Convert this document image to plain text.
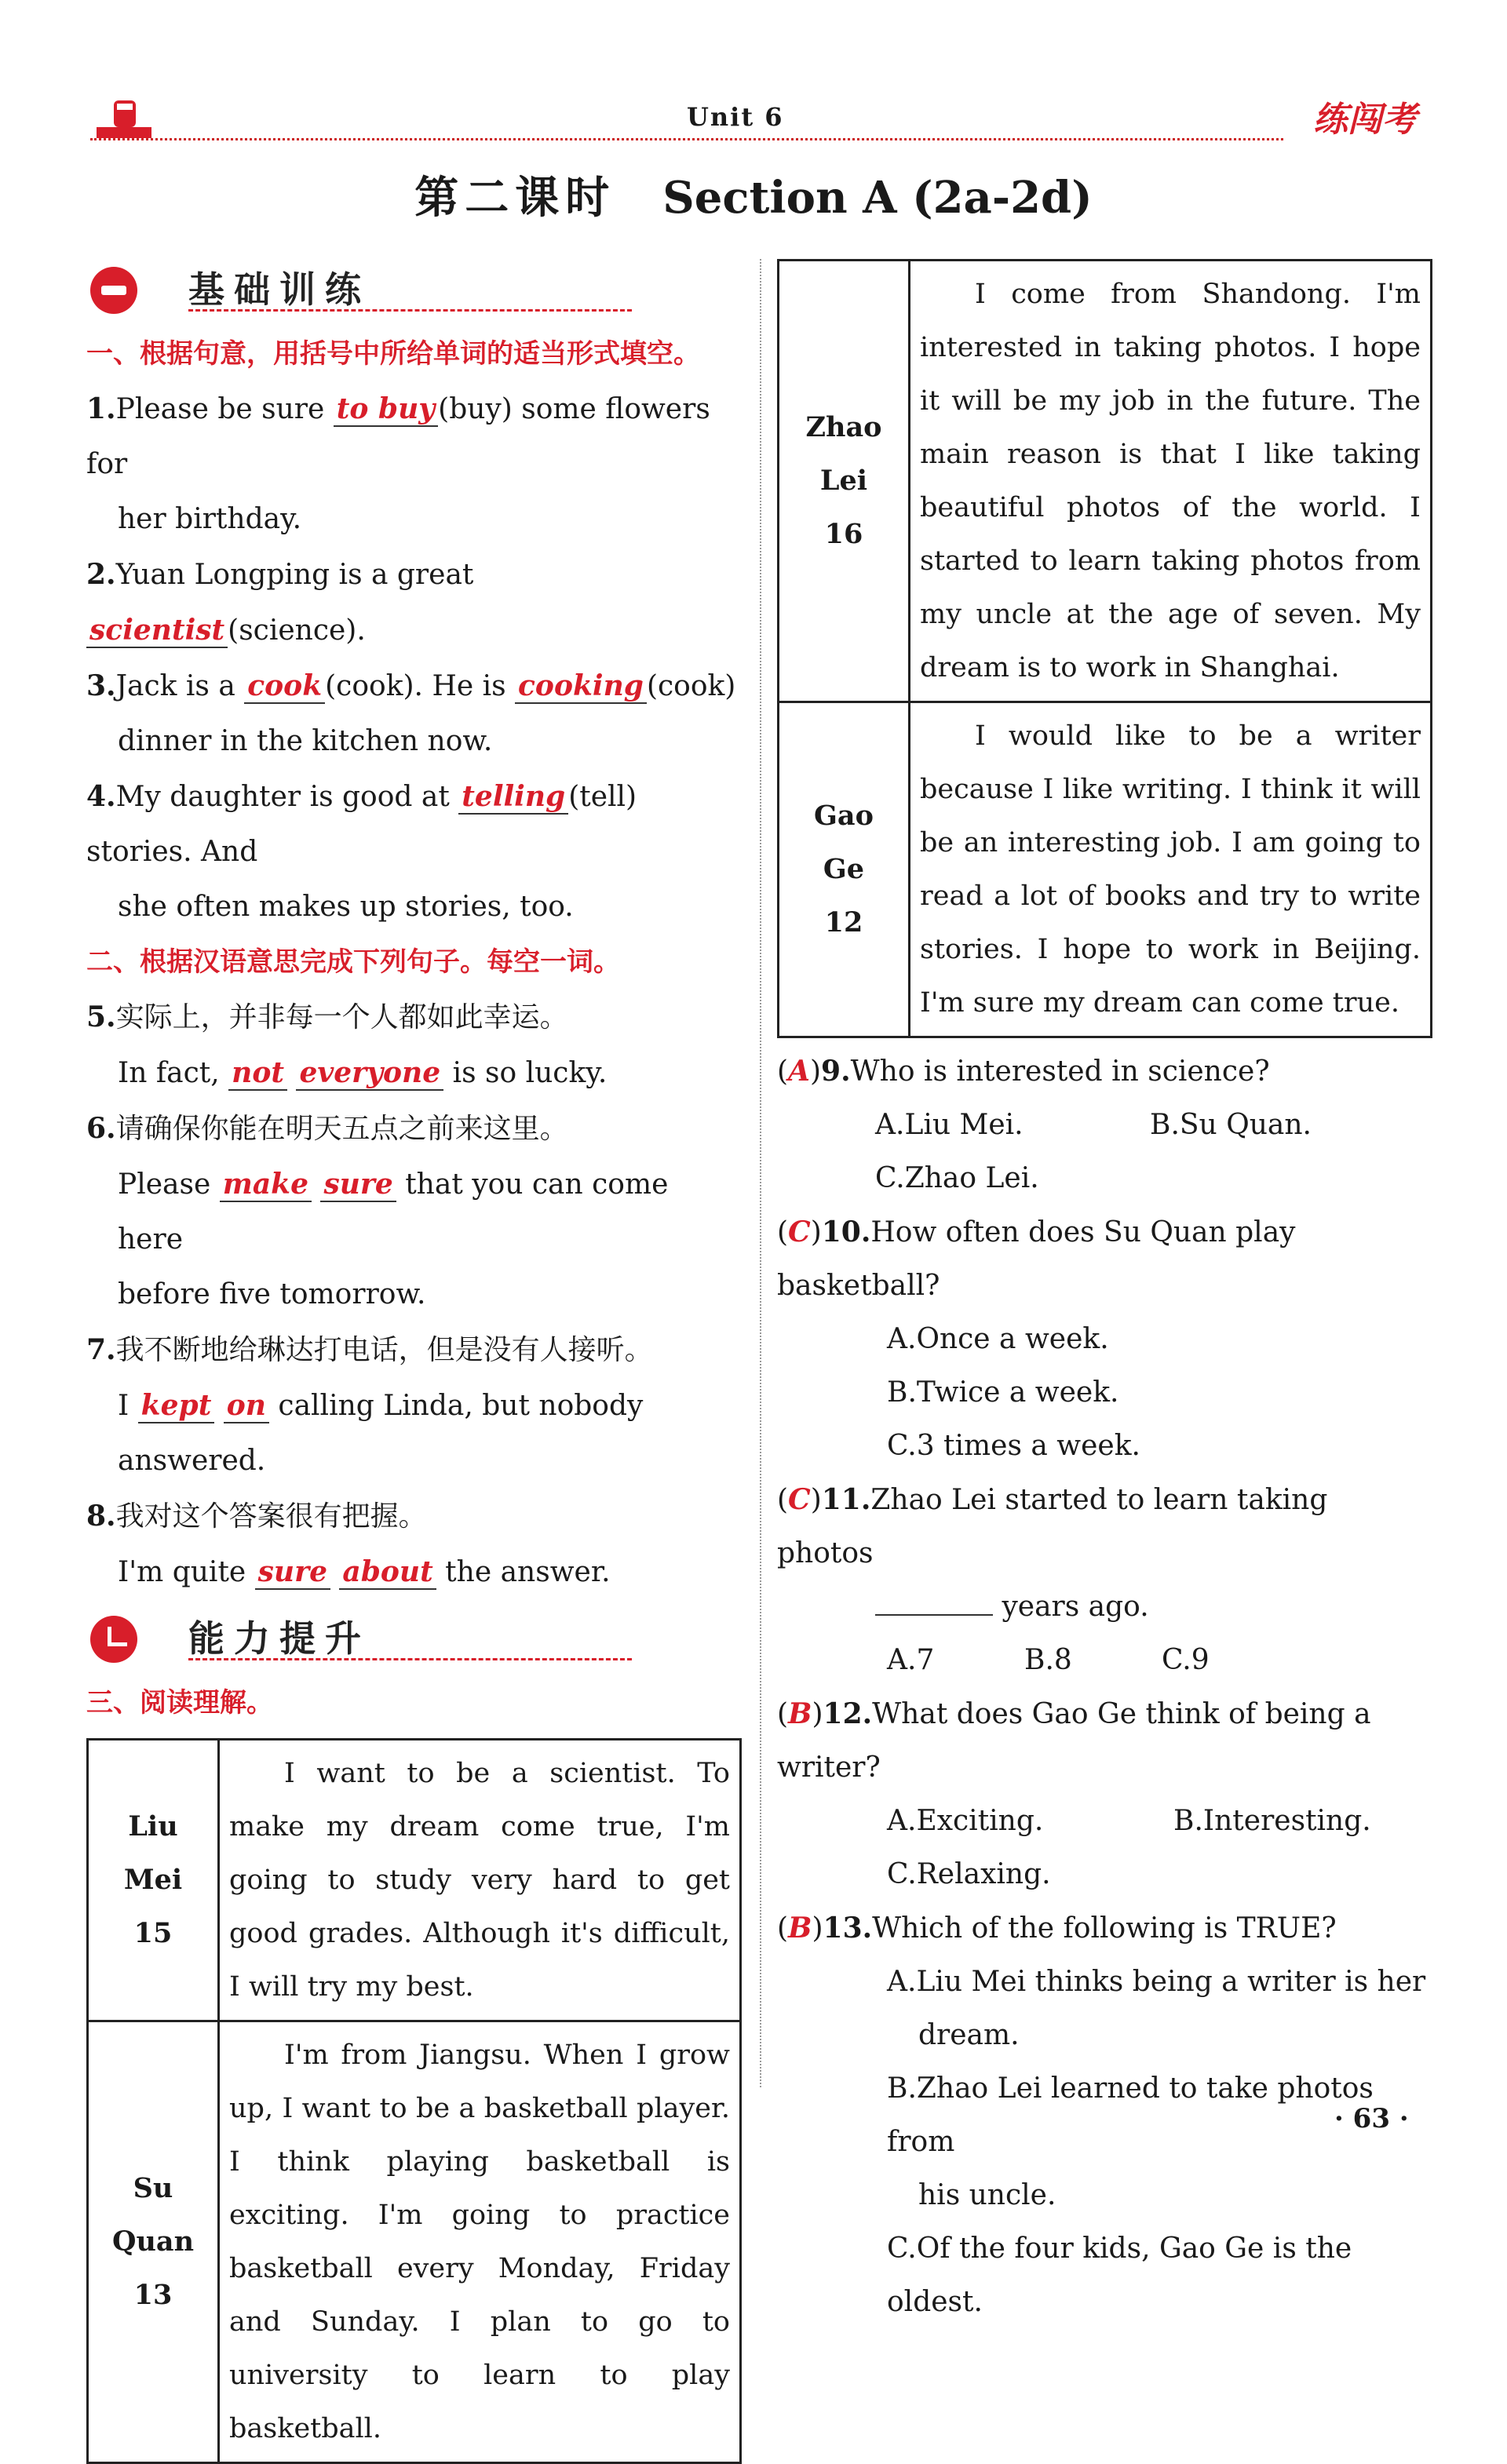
Unit 6	练闯考
第二课时 Section A (2a-2d)
基础训练
一、根据句意，用括号中所给单词的适当形式填空。

1.Please be sure to buy (buy) some flowers for

her birthday.

2.Yuan Longping is a great scientist (science).

3.Jack is a cook (cook). He is cooking (cook)

dinner in the kitchen now.

4.My daughter is good at telling (tell) stories. And

she often makes up stories, too.

二、根据汉语意思完成下列句子。每空一词。

5.实际上，并非每一个人都如此幸运。

In fact, not everyone is so lucky.

6.请确保你能在明天五点之前来这里。

Please make sure that you can come here

before five tomorrow.

7.我不断地给琳达打电话，但是没有人接听。

I kept on calling Linda, but nobody answered.

8.我对这个答案很有把握。

I'm quite sure about the answer.

能力提升
三、阅读理解。
Liu Mei
15	I want to be a scientist. To make my dream come true, I'm going to study very hard to get good grades. Although it's difficult, I will try my best.

Su Quan
13	I'm from Jiangsu. When I grow up, I want to be a basketball player. I think playing basketball is exciting. I'm going to practice basketball every Monday, Friday and Sunday. I plan to go to university to learn to play basketball.
Zhao Lei
16	I come from Shandong. I'm interested in taking photos. I hope it will be my job in the future. The main reason is that I like taking beautiful photos of the world. I started to learn taking photos from my uncle at the age of seven. My dream is to work in Shanghai.

Gao Ge
12	I would like to be a writer because I like writing. I think it will be an interesting job. I am going to read a lot of books and try to write stories. I hope to work in Beijing. I'm sure my dream can come true.

(A)9.Who is interested in science?

A.Liu Mei.	B.Su Quan.
C.Zhao Lei.

(C)10.How often does Su Quan play basketball?

A.Once a week.
B.Twice a week.
C.3 times a week.

(C)11.Zhao Lei started to learn taking photos

years ago.
A.7	B.8	C.9

(B)12.What does Gao Ge think of being a writer?

A.Exciting.	B.Interesting.
C.Relaxing.

(B)13.Which of the following is TRUE?

A.Liu Mei thinks being a writer is her
dream.
B.Zhao Lei learned to take photos from
his uncle.
C.Of the four kids, Gao Ge is the oldest.
· 63 ·
